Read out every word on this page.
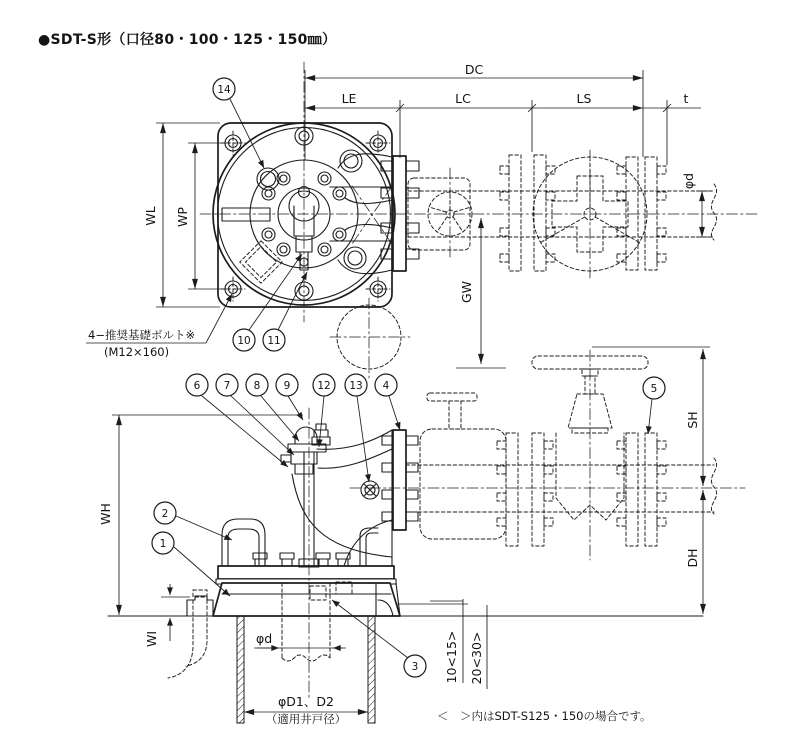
●SDT-S形（口径80・100・125・150㎜）
DC
LE	LC	LS	t
WL WP
φd
GW
14
10 11
4−推奨基礎ボルト※
(M12×160)
WH
SH
DH
WI	φd
φD1、D2
（適用井戸径）
10<15> 20<30>
6 7 8 9	12 13 4	5
2
1
3
＜　＞内はSDT-S125・150の場合です。
